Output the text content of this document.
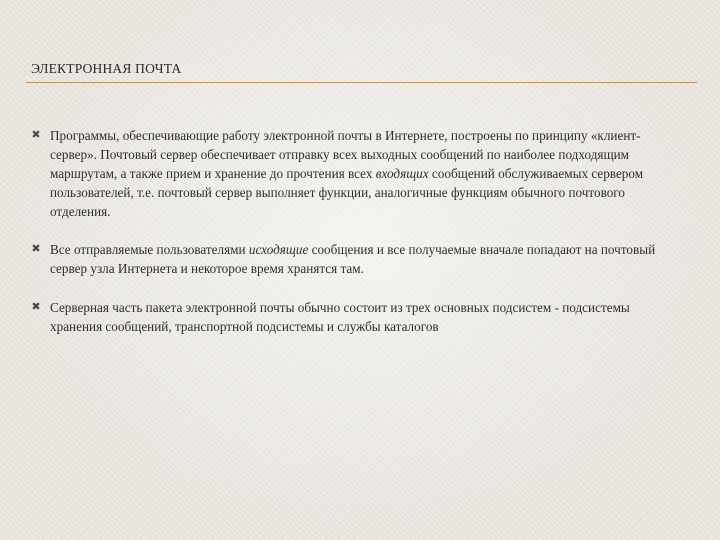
ЭЛЕКТРОННАЯ ПОЧТА
✖ Программы, обеспечивающие работу электронной почты в Интернете, построены по принципу «клиент-сервер». Почтовый сервер обеспечивает отправку всех выходных сообщений по наиболее подходящим маршрутам, а также прием и хранение до прочтения всех входящих сообщений обслуживаемых сервером пользователей, т.е. почтовый сервер выполняет функции, аналогичные функциям обычного почтового отделения.
✖ Все отправляемые пользователями исходящие сообщения и все получаемые вначале попадают на почтовый сервер узла Интернета и некоторое время хранятся там.
✖ Серверная часть пакета электронной почты обычно состоит из трех основных подсистем - подсистемы хранения сообщений, транспортной подсистемы и службы каталогов
